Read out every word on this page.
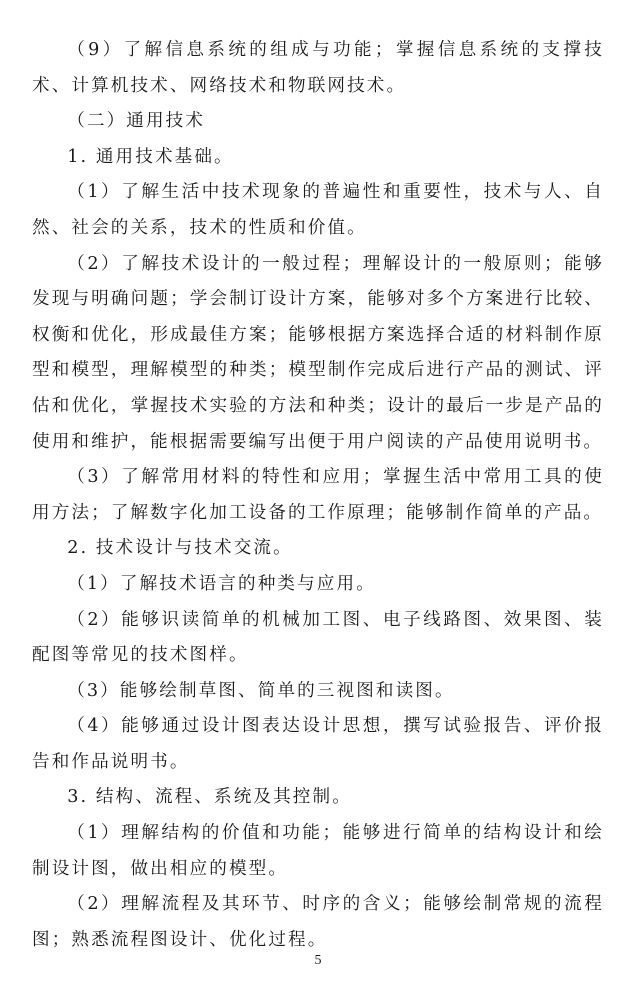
（9）了解信息系统的组成与功能；掌握信息系统的支撑技术、计算机技术、网络技术和物联网技术。

（二）通用技术

1. 通用技术基础。

（1）了解生活中技术现象的普遍性和重要性，技术与人、自然、社会的关系，技术的性质和价值。

（2）了解技术设计的一般过程；理解设计的一般原则；能够发现与明确问题；学会制订设计方案，能够对多个方案进行比较、权衡和优化，形成最佳方案；能够根据方案选择合适的材料制作原型和模型，理解模型的种类；模型制作完成后进行产品的测试、评估和优化，掌握技术实验的方法和种类；设计的最后一步是产品的使用和维护，能根据需要编写出便于用户阅读的产品使用说明书。

（3）了解常用材料的特性和应用；掌握生活中常用工具的使用方法；了解数字化加工设备的工作原理；能够制作简单的产品。

2. 技术设计与技术交流。

（1）了解技术语言的种类与应用。

（2）能够识读简单的机械加工图、电子线路图、效果图、装配图等常见的技术图样。

（3）能够绘制草图、简单的三视图和读图。

（4）能够通过设计图表达设计思想，撰写试验报告、评价报告和作品说明书。

3. 结构、流程、系统及其控制。

（1）理解结构的价值和功能；能够进行简单的结构设计和绘制设计图，做出相应的模型。

（2）理解流程及其环节、时序的含义；能够绘制常规的流程图；熟悉流程图设计、优化过程。

5
